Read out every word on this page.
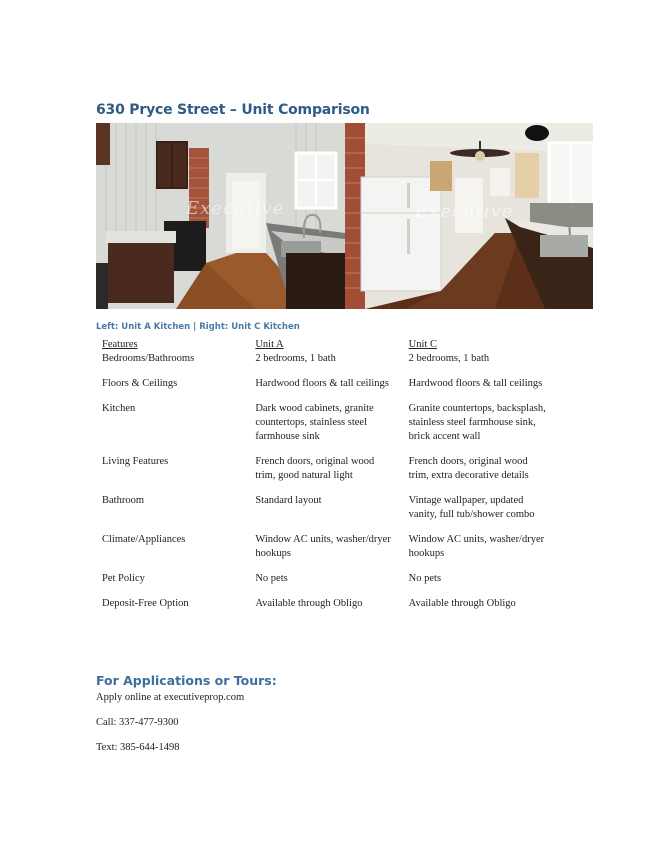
630 Pryce Street – Unit Comparison
Executive	Executive
Left: Unit A Kitchen | Right: Unit C Kitchen
Features	Unit A	Unit C
Bedrooms/Bathrooms	2 bedrooms, 1 bath	2 bedrooms, 1 bath
Floors & Ceilings	Hardwood floors & tall ceilings	Hardwood floors & tall ceilings
Kitchen	Dark wood cabinets, granite countertops, stainless steel farmhouse sink	Granite countertops, backsplash, stainless steel farmhouse sink, brick accent wall
Living Features	French doors, original wood trim, good natural light	French doors, original wood trim, extra decorative details
Bathroom	Standard layout	Vintage wallpaper, updated vanity, full tub/shower combo
Climate/Appliances	Window AC units, washer/dryer hookups	Window AC units, washer/dryer hookups
Pet Policy	No pets	No pets
Deposit-Free Option	Available through Obligo	Available through Obligo
For Applications or Tours:
Apply online at executiveprop.com
Call: 337-477-9300
Text: 385-644-1498
